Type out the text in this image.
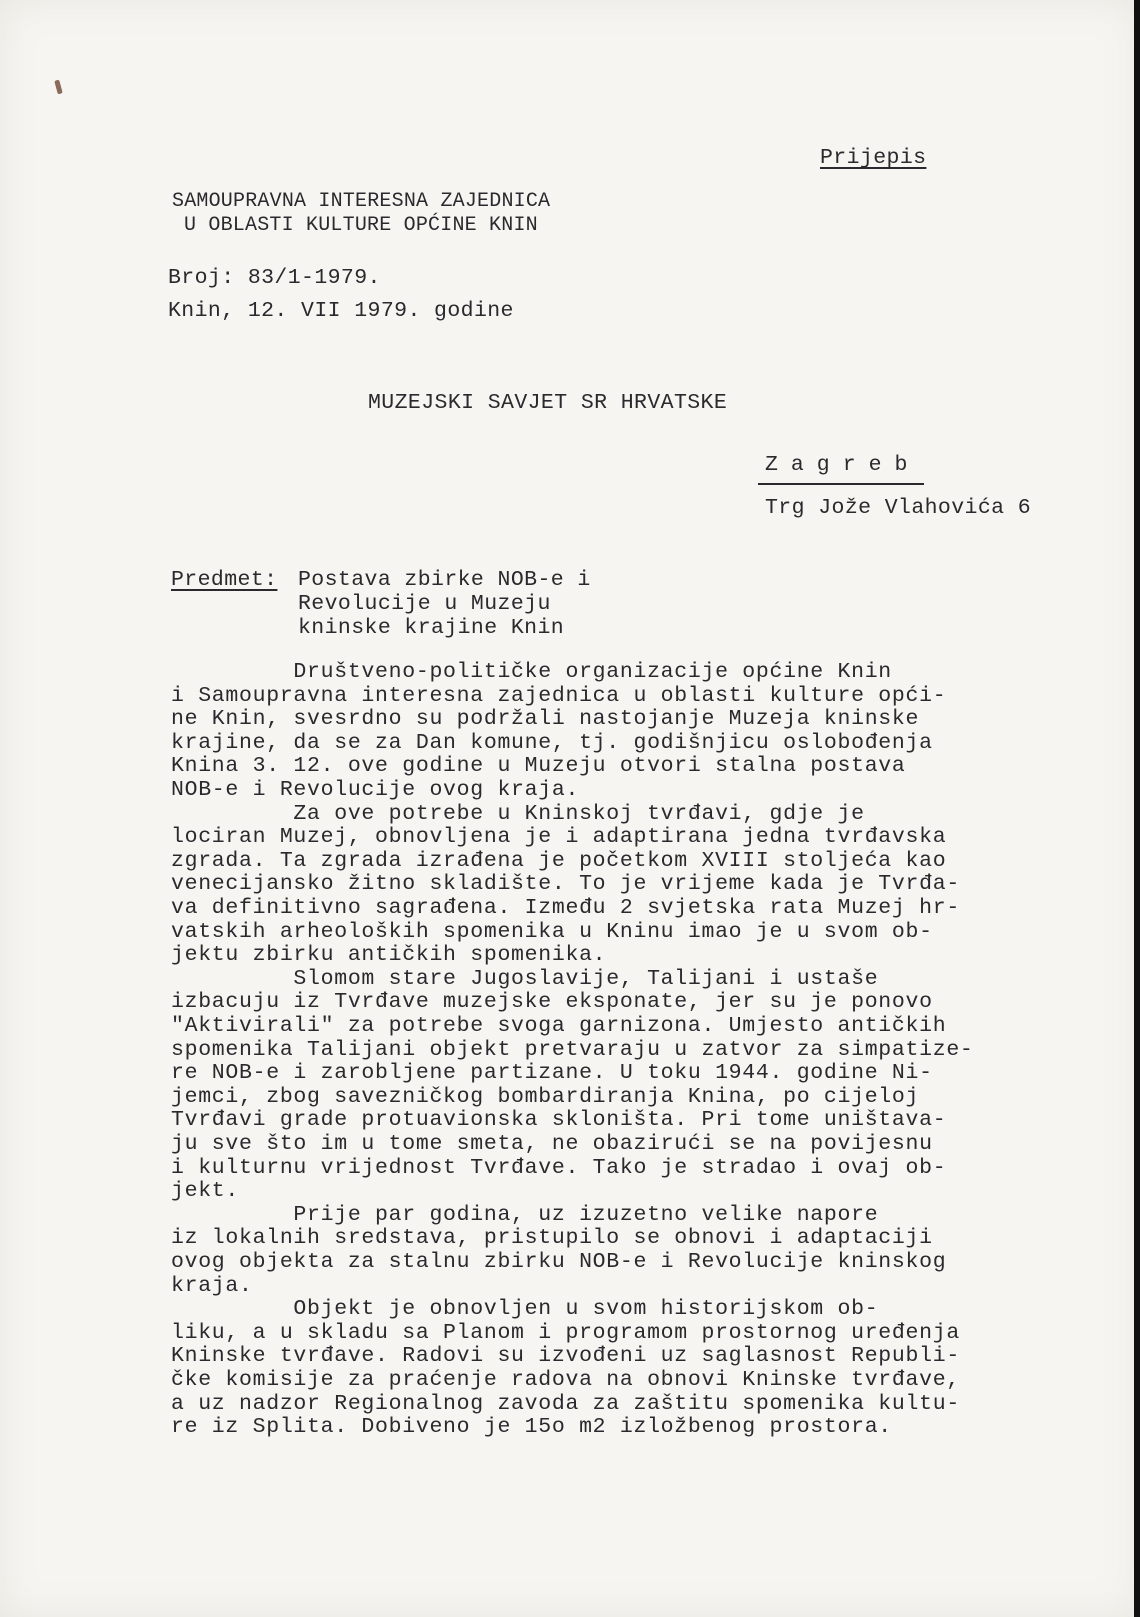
Prijepis
SAMOUPRAVNA INTERESNA ZAJEDNICA
U OBLASTI KULTURE OPĆINE KNIN
Broj: 83/1-1979.
Knin, 12. VII 1979. godine
MUZEJSKI SAVJET SR HRVATSKE
Zagreb
Trg Jože Vlahovića 6
Predmet: Postava zbirke NOB-e i
Revolucije u Muzeju
kninske krajine Knin
Društveno-političke organizacije općine Knin
i Samoupravna interesna zajednica u oblasti kulture opći-
ne Knin, svesrdno su podržali nastojanje Muzeja kninske
krajine, da se za Dan komune, tj. godišnjicu oslobođenja
Knina 3. 12. ove godine u Muzeju otvori stalna postava
NOB-e i Revolucije ovog kraja.
Za ove potrebe u Kninskoj tvrđavi, gdje je
lociran Muzej, obnovljena je i adaptirana jedna tvrđavska
zgrada. Ta zgrada izrađena je početkom XVIII stoljeća kao
venecijansko žitno skladište. To je vrijeme kada je Tvrđa-
va definitivno sagrađena. Između 2 svjetska rata Muzej hr-
vatskih arheoloških spomenika u Kninu imao je u svom ob-
jektu zbirku antičkih spomenika.
Slomom stare Jugoslavije, Talijani i ustaše
izbacuju iz Tvrđave muzejske eksponate, jer su je ponovo
"Aktivirali" za potrebe svoga garnizona. Umjesto antičkih
spomenika Talijani objekt pretvaraju u zatvor za simpatize-
re NOB-e i zarobljene partizane. U toku 1944. godine Ni-
jemci, zbog savezničkog bombardiranja Knina, po cijeloj
Tvrđavi grade protuavionska skloništa. Pri tome uništava-
ju sve što im u tome smeta, ne obazirući se na povijesnu
i kulturnu vrijednost Tvrđave. Tako je stradao i ovaj ob-
jekt.
Prije par godina, uz izuzetno velike napore
iz lokalnih sredstava, pristupilo se obnovi i adaptaciji
ovog objekta za stalnu zbirku NOB-e i Revolucije kninskog
kraja.
Objekt je obnovljen u svom historijskom ob-
liku, a u skladu sa Planom i programom prostornog uređenja
Kninske tvrđave. Radovi su izvođeni uz saglasnost Republi-
čke komisije za praćenje radova na obnovi Kninske tvrđave,
a uz nadzor Regionalnog zavoda za zaštitu spomenika kultu-
re iz Splita. Dobiveno je 15o m2 izložbenog prostora.
